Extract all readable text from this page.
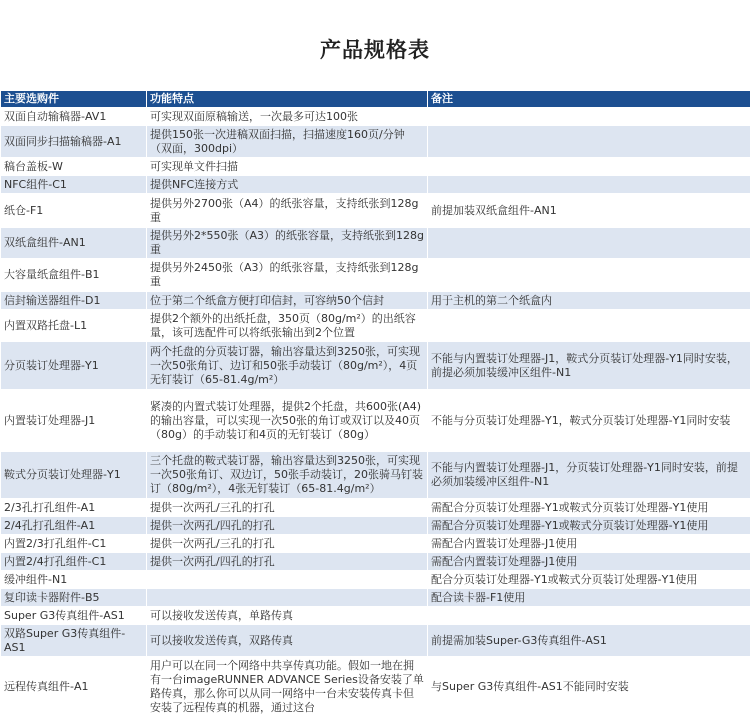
产品规格表
主要选购件	功能特点	备注
双面自动输稿器-AV1	可实现双面原稿输送，一次最多可达100张	
双面同步扫描输稿器-A1	提供150张一次进稿双面扫描，扫描速度160页/分钟（双面，300dpi）	
稿台盖板-W	可实现单文件扫描	
NFC组件-C1	提供NFC连接方式	
纸仓-F1	提供另外2700张（A4）的纸张容量，支持纸张到128g重	前提加装双纸盒组件-AN1
双纸盒组件-AN1	提供另外2*550张（A3）的纸张容量，支持纸张到128g重	
大容量纸盒组件-B1	提供另外2450张（A3）的纸张容量，支持纸张到128g重	
信封输送器组件-D1	位于第二个纸盒方便打印信封，可容纳50个信封	用于主机的第二个纸盒内
内置双路托盘-L1	提供2个额外的出纸托盘，350页（80g/m²）的出纸容量，该可选配件可以将纸张输出到2个位置	
分页装订处理器-Y1	两个托盘的分页装订器，输出容量达到3250张，可实现一次50张角订、边订和50张手动装订（80g/m²），4页无钉装订（65-81.4g/m²）	不能与内置装订处理器-J1，鞍式分页装订处理器-Y1同时安装，前提必须加装缓冲区组件-N1
内置装订处理器-J1	紧凑的内置式装订处理器，提供2个托盘，共600张(A4)的输出容量，可以实现一次50张的角订或双订以及40页（80g）的手动装订和4页的无钉装订（80g）	不能与分页装订处理器-Y1，鞍式分页装订处理器-Y1同时安装
鞍式分页装订处理器-Y1	三个托盘的鞍式装订器，输出容量达到3250张，可实现一次50张角订、双边订，50张手动装订，20张骑马钉装订（80g/m²），4张无钉装订（65-81.4g/m²）	不能与内置装订处理器-J1，分页装订处理器-Y1同时安装，前提必须加装缓冲区组件-N1
2/3孔打孔组件-A1	提供一次两孔/三孔的打孔	需配合分页装订处理器-Y1或鞍式分页装订处理器-Y1使用
2/4孔打孔组件-A1	提供一次两孔/四孔的打孔	需配合分页装订处理器-Y1或鞍式分页装订处理器-Y1使用
内置2/3打孔组件-C1	提供一次两孔/三孔的打孔	需配合内置装订处理器-J1使用
内置2/4打孔组件-C1	提供一次两孔/四孔的打孔	需配合内置装订处理器-J1使用
缓冲组件-N1		配合分页装订处理器-Y1或鞍式分页装订处理器-Y1使用
复印读卡器附件-B5		配合读卡器-F1使用
Super G3传真组件-AS1	可以接收发送传真，单路传真	
双路Super G3传真组件-AS1	可以接收发送传真，双路传真	前提需加装Super-G3传真组件-AS1
远程传真组件-A1	用户可以在同一个网络中共享传真功能。假如一地在拥有一台imageRUNNER ADVANCE Series设备安装了单路传真，那么你可以从同一网络中一台未安装传真卡但安装了远程传真的机器，通过这台	与Super G3传真组件-AS1不能同时安装
